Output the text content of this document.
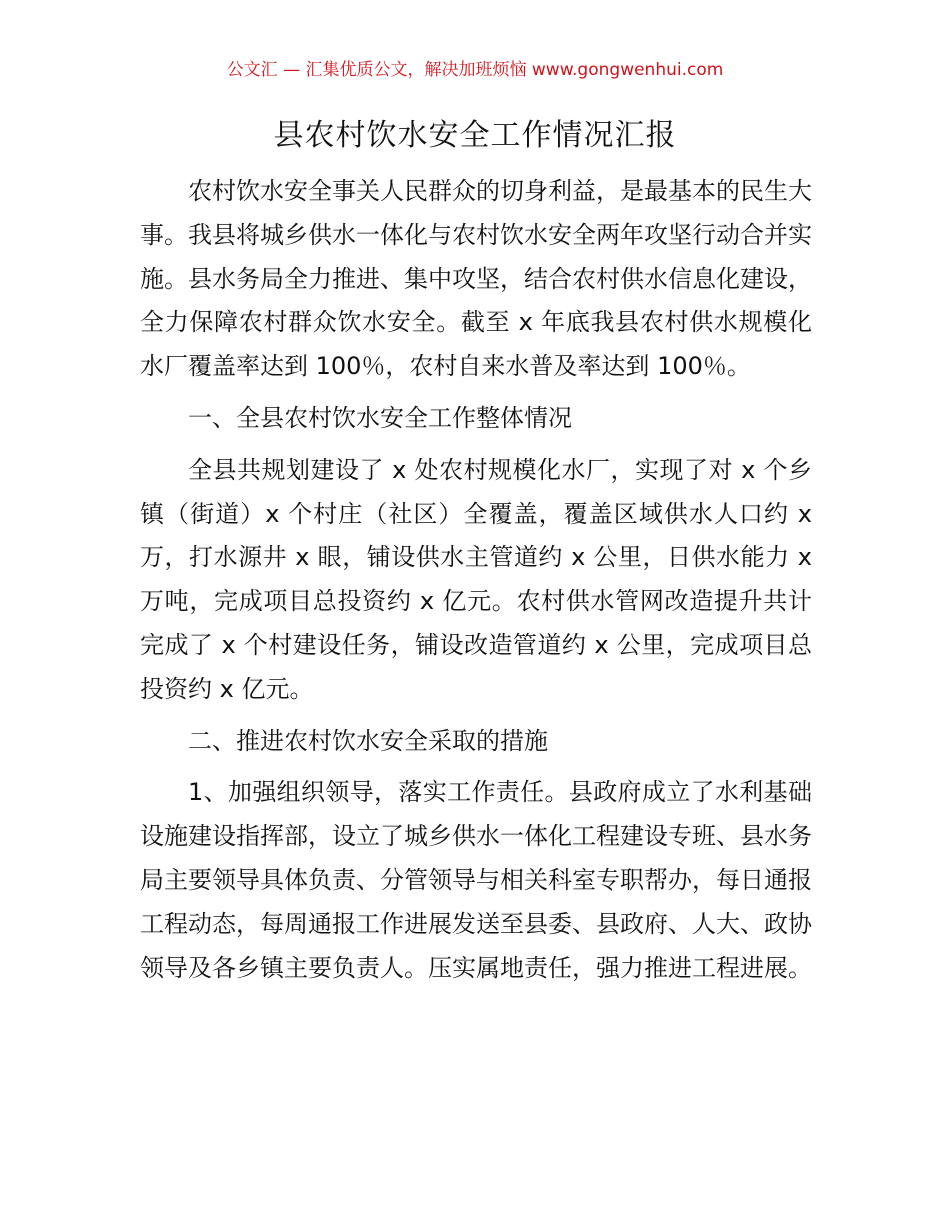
公文汇 — 汇集优质公文，解决加班烦恼 www.gongwenhui.com
县农村饮水安全工作情况汇报

农村饮水安全事关人民群众的切身利益，是最基本的民生大事。我县将城乡供水一体化与农村饮水安全两年攻坚行动合并实施。县水务局全力推进、集中攻坚，结合农村供水信息化建设，全力保障农村群众饮水安全。截至 x 年底我县农村供水规模化水厂覆盖率达到 100％，农村自来水普及率达到 100％。

一、全县农村饮水安全工作整体情况

全县共规划建设了 x 处农村规模化水厂，实现了对 x 个乡镇（街道）x 个村庄（社区）全覆盖，覆盖区域供水人口约 x 万，打水源井 x 眼，铺设供水主管道约 x 公里，日供水能力 x 万吨，完成项目总投资约 x 亿元。农村供水管网改造提升共计完成了 x 个村建设任务，铺设改造管道约 x 公里，完成项目总投资约 x 亿元。

二、推进农村饮水安全采取的措施

1、加强组织领导，落实工作责任。县政府成立了水利基础设施建设指挥部，设立了城乡供水一体化工程建设专班、县水务局主要领导具体负责、分管领导与相关科室专职帮办，每日通报工程动态，每周通报工作进展发送至县委、县政府、人大、政协领导及各乡镇主要负责人。压实属地责任，强力推进工程进展。
